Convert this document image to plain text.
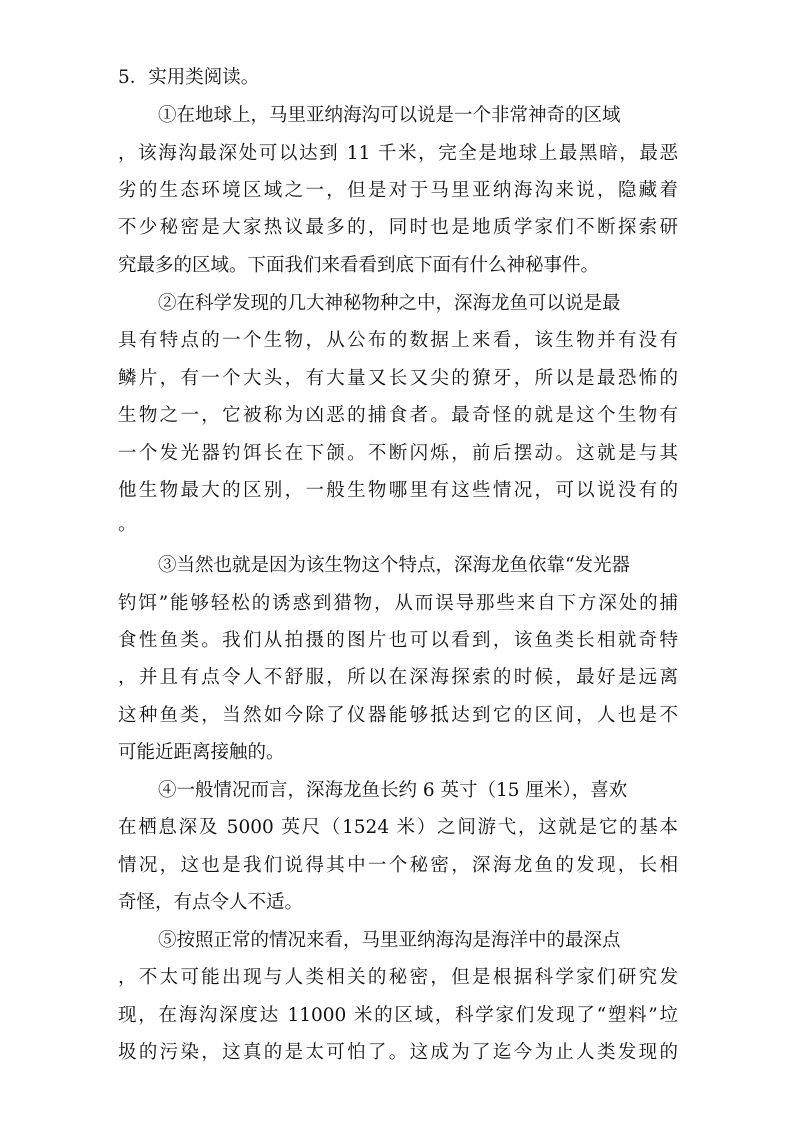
5．实用类阅读。
①在地球上，马里亚纳海沟可以说是一个非常神奇的区域
，该海沟最深处可以达到 11 千米，完全是地球上最黑暗，最恶
劣的生态环境区域之一，但是对于马里亚纳海沟来说，隐藏着
不少秘密是大家热议最多的，同时也是地质学家们不断探索研
究最多的区域。下面我们来看看到底下面有什么神秘事件。
②在科学发现的几大神秘物种之中，深海龙鱼可以说是最
具有特点的一个生物，从公布的数据上来看，该生物并有没有
鳞片，有一个大头，有大量又长又尖的獠牙，所以是最恐怖的
生物之一，它被称为凶恶的捕食者。最奇怪的就是这个生物有
一个发光器钓饵长在下颌。不断闪烁，前后摆动。这就是与其
他生物最大的区别，一般生物哪里有这些情况，可以说没有的
。
③当然也就是因为该生物这个特点，深海龙鱼依靠“发光器
钓饵”能够轻松的诱惑到猎物，从而误导那些来自下方深处的捕
食性鱼类。我们从拍摄的图片也可以看到，该鱼类长相就奇特
，并且有点令人不舒服，所以在深海探索的时候，最好是远离
这种鱼类，当然如今除了仪器能够抵达到它的区间，人也是不
可能近距离接触的。
④一般情况而言，深海龙鱼长约 6 英寸（15 厘米），喜欢
在栖息深及 5000 英尺（1524 米）之间游弋，这就是它的基本
情况，这也是我们说得其中一个秘密，深海龙鱼的发现，长相
奇怪，有点令人不适。
⑤按照正常的情况来看，马里亚纳海沟是海洋中的最深点
，不太可能出现与人类相关的秘密，但是根据科学家们研究发
现，在海沟深度达 11000 米的区域，科学家们发现了“塑料”垃
圾的污染，这真的是太可怕了。这成为了迄今为止人类发现的
